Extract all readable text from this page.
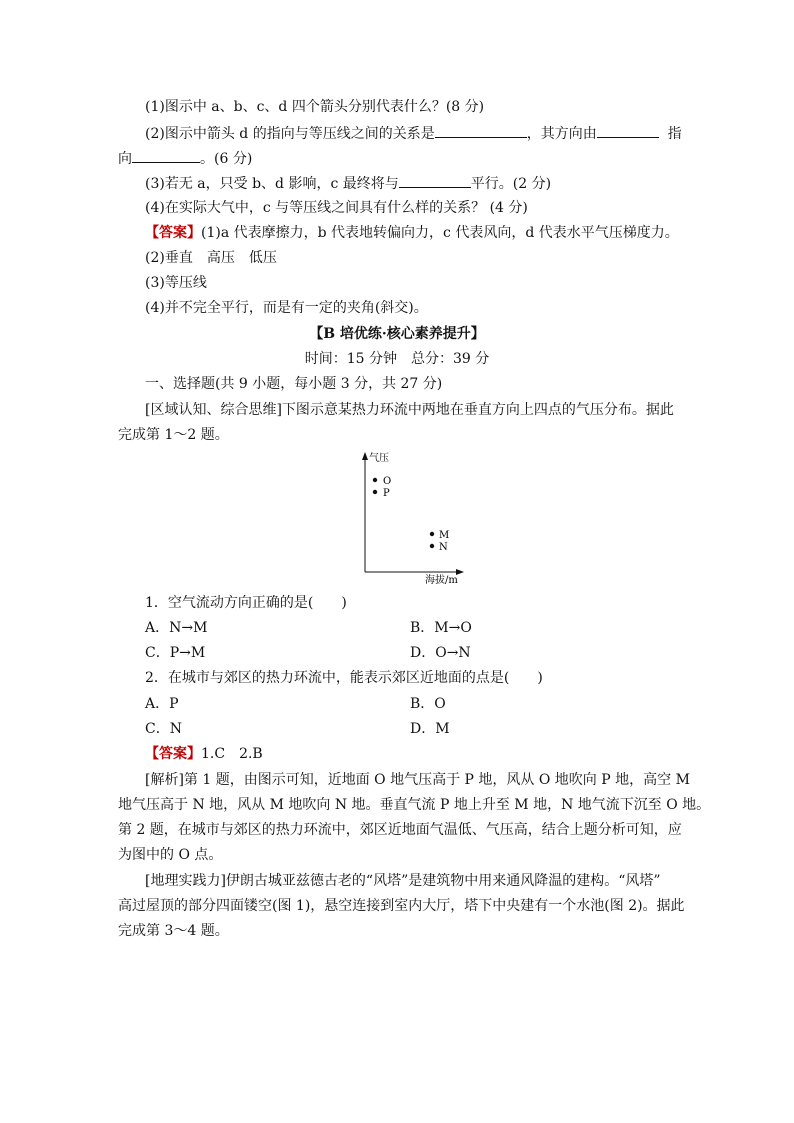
(1)图示中 a、b、c、d 四个箭头分别代表什么？(8 分)
(2)图示中箭头 d 的指向与等压线之间的关系是	，其方向由	指
向	。(6 分)
(3)若无 a，只受 b、d 影响，c 最终将与	平行。(2 分)
(4)在实际大气中，c 与等压线之间具有什么样的关系？ (4 分)
【答案】(1)a 代表摩擦力，b 代表地转偏向力，c 代表风向，d 代表水平气压梯度力。
(2)垂直　高压　低压
(3)等压线
(4)并不完全平行，而是有一定的夹角(斜交)。
【B 培优练·核心素养提升】
时间：15 分钟　总分：39 分
一、选择题(共 9 小题，每小题 3 分，共 27 分)
[区域认知、综合思维]下图示意某热力环流中两地在垂直方向上四点的气压分布。据此
完成第 1～2 题。
气压
海拔/m
O
P
M
N
1．空气流动方向正确的是(　　)
A．N→M	B．M→O
C．P→M	D．O→N
2．在城市与郊区的热力环流中，能表示郊区近地面的点是(　　)
A．P	B．O
C．N	D．M
【答案】1.C　2.B
[解析]第 1 题，由图示可知，近地面 O 地气压高于 P 地，风从 O 地吹向 P 地，高空 M
地气压高于 N 地，风从 M 地吹向 N 地。垂直气流 P 地上升至 M 地，N 地气流下沉至 O 地。
第 2 题，在城市与郊区的热力环流中，郊区近地面气温低、气压高，结合上题分析可知，应
为图中的 O 点。
[地理实践力]伊朗古城亚兹德古老的“风塔”是建筑物中用来通风降温的建构。“风塔”
高过屋顶的部分四面镂空(图 1)，悬空连接到室内大厅，塔下中央建有一个水池(图 2)。据此
完成第 3～4 题。
